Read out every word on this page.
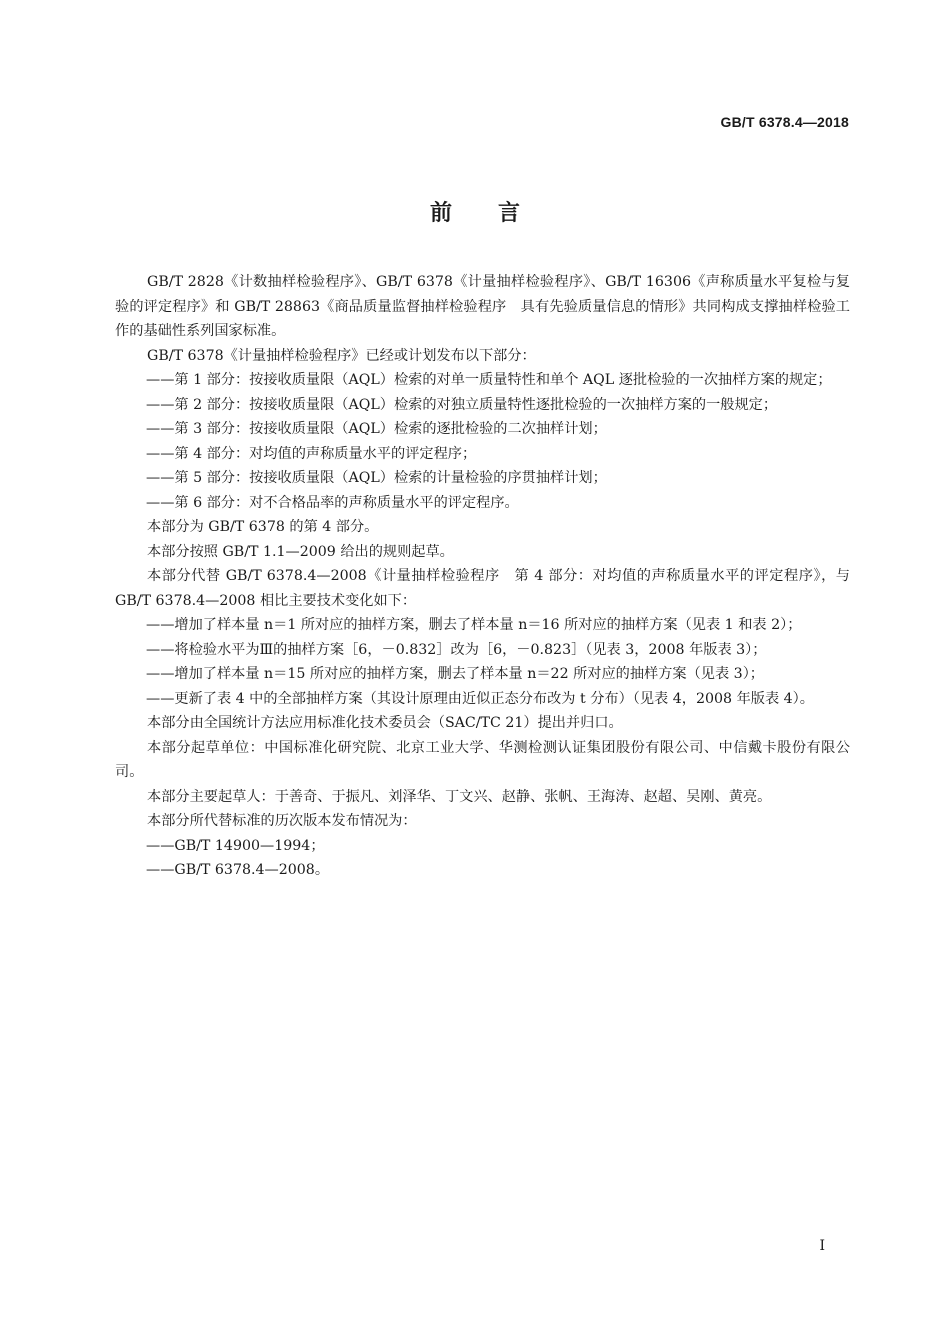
GB/T 6378.4—2018
前言

GB/T 2828《计数抽样检验程序》、GB/T 6378《计量抽样检验程序》、GB/T 16306《声称质量水平复检与复验的评定程序》和 GB/T 28863《商品质量监督抽样检验程序　具有先验质量信息的情形》共同构成支撑抽样检验工作的基础性系列国家标准。

GB/T 6378《计量抽样检验程序》已经或计划发布以下部分：

——第 1 部分：按接收质量限（AQL）检索的对单一质量特性和单个 AQL 逐批检验的一次抽样方案的规定；

——第 2 部分：按接收质量限（AQL）检索的对独立质量特性逐批检验的一次抽样方案的一般规定；

——第 3 部分：按接收质量限（AQL）检索的逐批检验的二次抽样计划；

——第 4 部分：对均值的声称质量水平的评定程序；

——第 5 部分：按接收质量限（AQL）检索的计量检验的序贯抽样计划；

——第 6 部分：对不合格品率的声称质量水平的评定程序。

本部分为 GB/T 6378 的第 4 部分。

本部分按照 GB/T 1.1—2009 给出的规则起草。

本部分代替 GB/T 6378.4—2008《计量抽样检验程序　第 4 部分：对均值的声称质量水平的评定程序》，与 GB/T 6378.4—2008 相比主要技术变化如下：

——增加了样本量 n＝1 所对应的抽样方案，删去了样本量 n＝16 所对应的抽样方案（见表 1 和表 2）；

——将检验水平为Ⅲ的抽样方案［6，－0.832］改为［6，－0.823］（见表 3，2008 年版表 3）；

——增加了样本量 n＝15 所对应的抽样方案，删去了样本量 n＝22 所对应的抽样方案（见表 3）；

——更新了表 4 中的全部抽样方案（其设计原理由近似正态分布改为 t 分布）（见表 4，2008 年版表 4）。

本部分由全国统计方法应用标准化技术委员会（SAC/TC 21）提出并归口。

本部分起草单位：中国标准化研究院、北京工业大学、华测检测认证集团股份有限公司、中信戴卡股份有限公司。

本部分主要起草人：于善奇、于振凡、刘泽华、丁文兴、赵静、张帆、王海涛、赵超、吴刚、黄亮。

本部分所代替标准的历次版本发布情况为：

——GB/T 14900—1994；

——GB/T 6378.4—2008。

I
